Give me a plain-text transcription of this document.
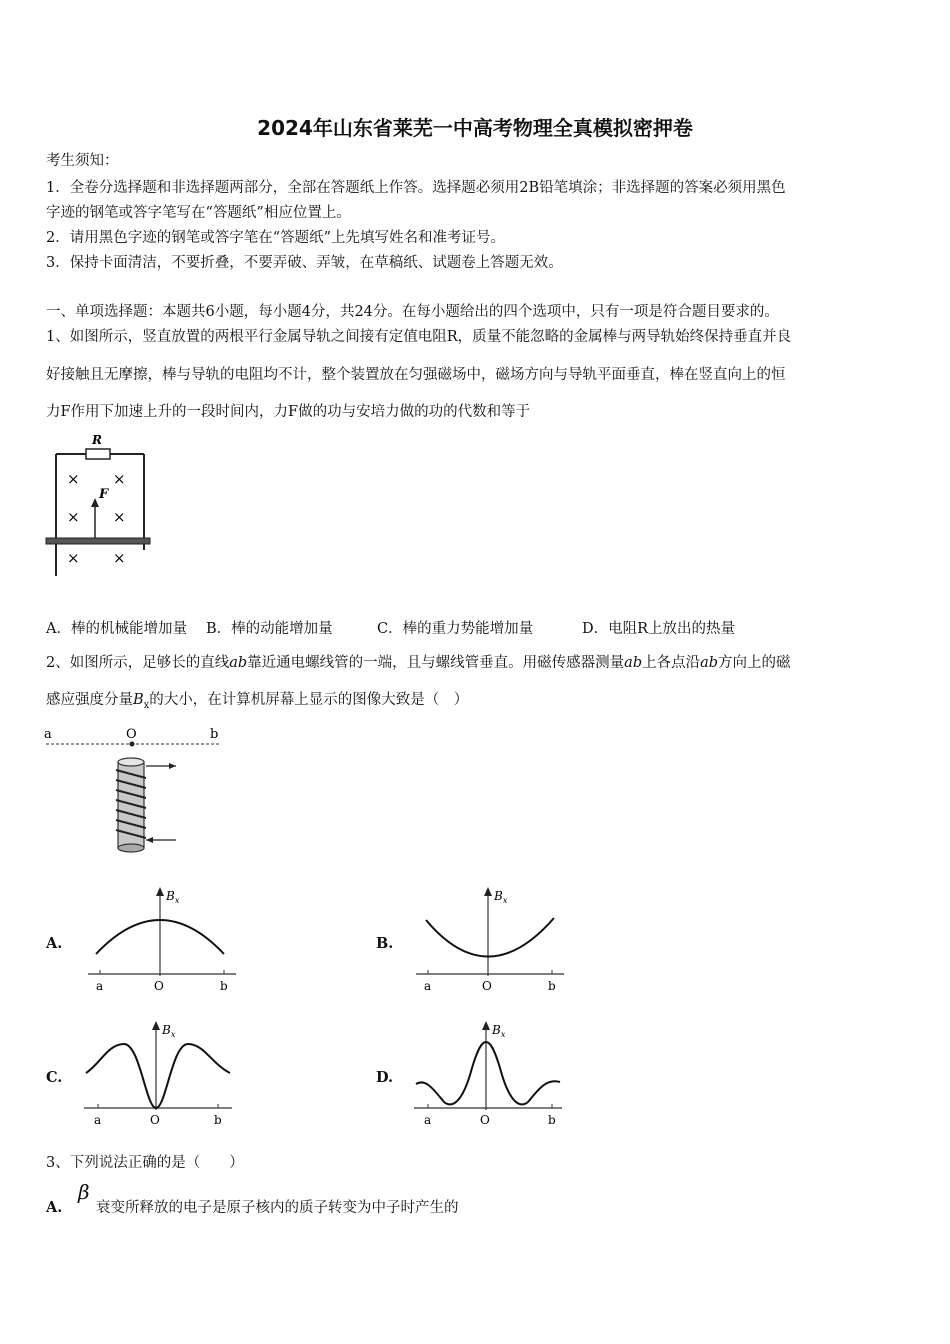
2024年山东省莱芜一中高考物理全真模拟密押卷
考生须知：
1．全卷分选择题和非选择题两部分，全部在答题纸上作答。选择题必须用2B铅笔填涂；非选择题的答案必须用黑色
字迹的钢笔或答字笔写在“答题纸”相应位置上。
2．请用黑色字迹的钢笔或答字笔在“答题纸”上先填写姓名和准考证号。
3．保持卡面清洁，不要折叠，不要弄破、弄皱，在草稿纸、试题卷上答题无效。
一、单项选择题：本题共6小题，每小题4分，共24分。在每小题给出的四个选项中，只有一项是符合题目要求的。
1、如图所示，竖直放置的两根平行金属导轨之间接有定值电阻R，质量不能忽略的金属棒与两导轨始终保持垂直并良
好接触且无摩擦，棒与导轨的电阻均不计，整个装置放在匀强磁场中，磁场方向与导轨平面垂直，棒在竖直向上的恒
力F作用下加速上升的一段时间内，力F做的功与安培力做的功的代数和等于
R
× ×
× ×
× ×
F
A．棒的机械能增加量 B．棒的动能增加量	C．棒的重力势能增加量	D．电阻R上放出的热量
2、如图所示，足够长的直线ab靠近通电螺线管的一端，且与螺线管垂直。用磁传感器测量ab上各点沿ab方向上的磁
感应强度分量$B_x$的大小，在计算机屏幕上显示的图像大致是（　）
a	O	b
A.	B.
C.	D.
$B_x$
a	O	b
$B_x$
a	O	b
$B_x$
a	O	b
$B_x$
a	O	b
3、下列说法正确的是（　　）
A.
β
衰变所释放的电子是原子核内的质子转变为中子时产生的
